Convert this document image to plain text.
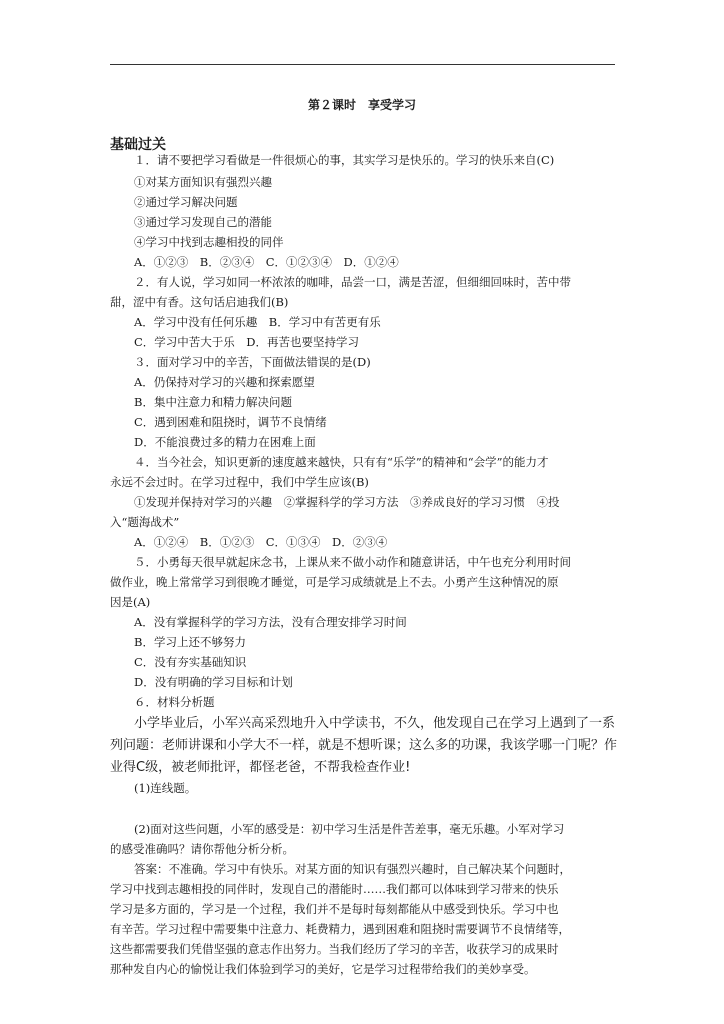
第２课时　享受学习
基础过关
１．请不要把学习看做是一件很烦心的事，其实学习是快乐的。学习的快乐来自(C)
①对某方面知识有强烈兴趣
②通过学习解决问题
③通过学习发现自己的潜能
④学习中找到志趣相投的同伴
A．①②③　B．②③④　C．①②③④　D．①②④
２．有人说，学习如同一杯浓浓的咖啡，品尝一口，满是苦涩，但细细回味时，苦中带
甜，涩中有香。这句话启迪我们(B)
A．学习中没有任何乐趣　B．学习中有苦更有乐
C．学习中苦大于乐　D．再苦也要坚持学习
３．面对学习中的辛苦，下面做法错误的是(D)
A．仍保持对学习的兴趣和探索愿望
B．集中注意力和精力解决问题
C．遇到困难和阻挠时，调节不良情绪
D．不能浪费过多的精力在困难上面
４．当今社会，知识更新的速度越来越快，只有有“乐学”的精神和“会学”的能力才
永远不会过时。在学习过程中，我们中学生应该(B)
①发现并保持对学习的兴趣　②掌握科学的学习方法　③养成良好的学习习惯　④投
入“题海战术”
A．①②④　B．①②③　C．①③④　D．②③④
５．小勇每天很早就起床念书，上课从来不做小动作和随意讲话，中午也充分利用时间
做作业，晚上常常学习到很晚才睡觉，可是学习成绩就是上不去。小勇产生这种情况的原
因是(A)
A．没有掌握科学的学习方法，没有合理安排学习时间
B．学习上还不够努力
C．没有夯实基础知识
D．没有明确的学习目标和计划
６．材料分析题
小学毕业后，小军兴高采烈地升入中学读书，不久，他发现自己在学习上遇到了一系
列问题：老师讲课和小学大不一样，就是不想听课；这么多的功课，我该学哪一门呢？作
业得C级，被老师批评，都怪老爸，不帮我检查作业!
(1)连线题。
(2)面对这些问题，小军的感受是：初中学习生活是件苦差事，毫无乐趣。小军对学习
的感受准确吗？请你帮他分析分析。
答案：不准确。学习中有快乐。对某方面的知识有强烈兴趣时，自己解决某个问题时，
学习中找到志趣相投的同伴时，发现自己的潜能时……我们都可以体味到学习带来的快乐
学习是多方面的，学习是一个过程，我们并不是每时每刻都能从中感受到快乐。学习中也
有辛苦。学习过程中需要集中注意力、耗费精力，遇到困难和阻挠时需要调节不良情绪等，
这些都需要我们凭借坚强的意志作出努力。当我们经历了学习的辛苦，收获学习的成果时
那种发自内心的愉悦让我们体验到学习的美好，它是学习过程带给我们的美妙享受。
